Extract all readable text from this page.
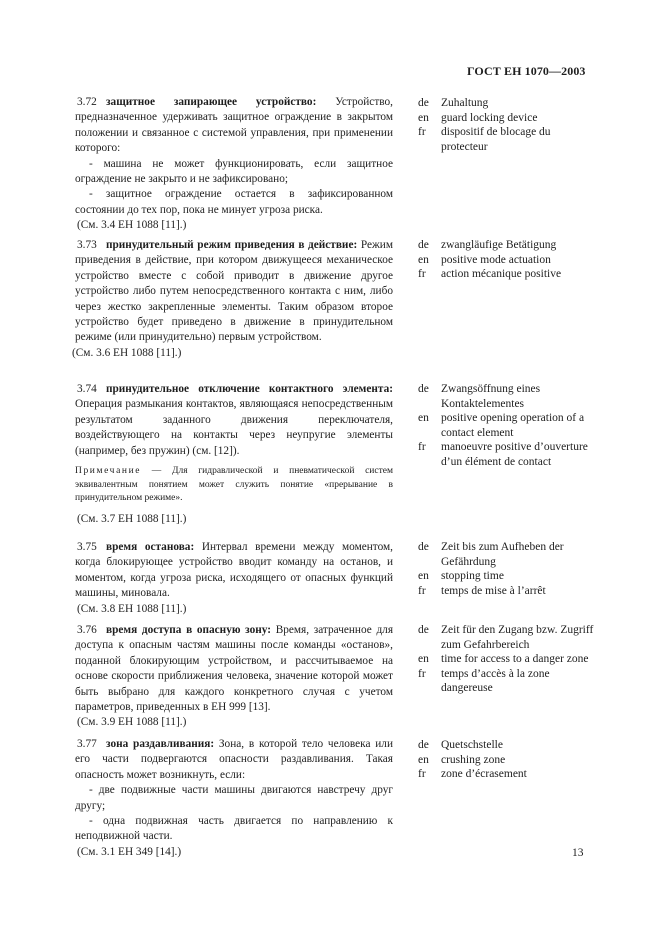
ГОСТ ЕН 1070—2003

3.72 защитное запирающее устройство: Устройство, предназначенное удерживать защитное ограждение в закрытом положении и связанное с системой управления, при применении которого:

- машина не может функционировать, если защитное ограждение не закрыто и не зафиксировано;

- защитное ограждение остается в зафиксированном состоянии до тех пор, пока не минует угроза риска.

(См. 3.4 ЕН 1088 [11].)

de	Zuhaltung
en	guard locking device
fr	dispositif de blocage du protecteur

3.73 принудительный режим приведения в действие: Режим приведения в действие, при котором движущееся механическое устройство вместе с собой приводит в движение другое устройство либо путем непосредственного контакта с ним, либо через жестко закрепленные элементы. Таким образом второе устройство будет приведено в движение в принудительном режиме (или принудительно) первым устройством.

(См. 3.6 ЕН 1088 [11].)

de	zwangläufige Betätigung
en	positive mode actuation
fr	action mécanique positive

3.74 принудительное отключение контактного элемента: Операция размыкания контактов, являющаяся непосредственным результатом заданного движения переключателя, воздействующего на контакты через неупругие элементы (например, без пружин) (см. [12]).

Примечание — Для гидравлической и пневматической систем эквивалентным понятием может служить понятие «прерывание в принудительном режиме».

(См. 3.7 ЕН 1088 [11].)

de	Zwangsöffnung eines Kontaktelementes
en	positive opening operation of a contact element
fr	manoeuvre positive d’ouverture d’un élément de contact

3.75 время останова: Интервал времени между моментом, когда блокирующее устройство вводит команду на останов, и моментом, когда угроза риска, исходящего от опасных функций машины, миновала.

(См. 3.8 ЕН 1088 [11].)

de	Zeit bis zum Aufheben der Gefährdung
en	stopping time
fr	temps de mise à l’arrêt

3.76 время доступа в опасную зону: Время, затраченное для доступа к опасным частям машины после команды «останов», поданной блокирующим устройством, и рассчитываемое на основе скорости приближения человека, значение которой может быть выбрано для каждого конкретного случая с учетом параметров, приведенных в ЕН 999 [13].

(См. 3.9 ЕН 1088 [11].)

de	Zeit für den Zugang bzw. Zugriff zum Gefahrbereich
en	time for access to a danger zone
fr	temps d’accès à la zone dangereuse

3.77 зона раздавливания: Зона, в которой тело человека или его части подвергаются опасности раздавливания. Такая опасность может возникнуть, если:

- две подвижные части машины двигаются навстречу друг другу;

- одна подвижная часть двигается по направлению к неподвижной части.

(См. 3.1 ЕН 349 [14].)

de	Quetschstelle
en	crushing zone
fr	zone d’écrasement
13
